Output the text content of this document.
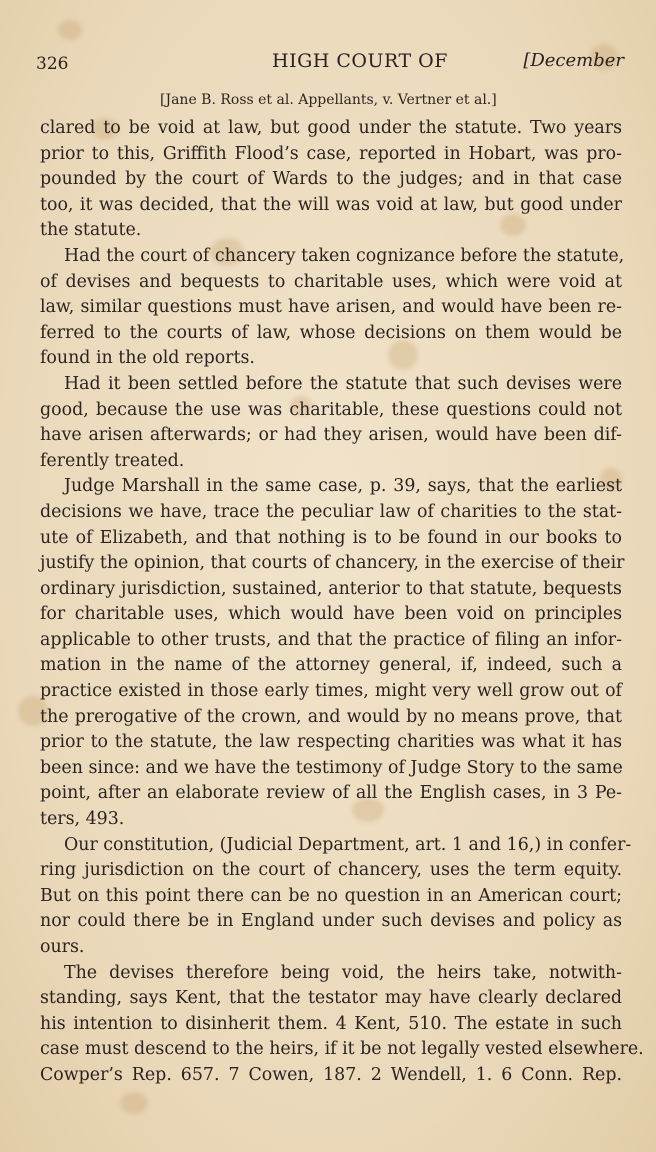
326	HIGH COURT OF	[December
[Jane B. Ross et al. Appellants, v. Vertner et al.]
clared to be void at law, but good under the statute. Two years
prior to this, Griffith Flood’s case, reported in Hobart, was pro-
pounded by the court of Wards to the judges; and in that case
too, it was decided, that the will was void at law, but good under
the statute.
Had the court of chancery taken cognizance before the statute,
of devises and bequests to charitable uses, which were void at
law, similar questions must have arisen, and would have been re-
ferred to the courts of law, whose decisions on them would be
found in the old reports.
Had it been settled before the statute that such devises were
good, because the use was charitable, these questions could not
have arisen afterwards; or had they arisen, would have been dif-
ferently treated.
Judge Marshall in the same case, p. 39, says, that the earliest
decisions we have, trace the peculiar law of charities to the stat-
ute of Elizabeth, and that nothing is to be found in our books to
justify the opinion, that courts of chancery, in the exercise of their
ordinary jurisdiction, sustained, anterior to that statute, bequests
for charitable uses, which would have been void on principles
applicable to other trusts, and that the practice of filing an infor-
mation in the name of the attorney general, if, indeed, such a
practice existed in those early times, might very well grow out of
the prerogative of the crown, and would by no means prove, that
prior to the statute, the law respecting charities was what it has
been since: and we have the testimony of Judge Story to the same
point, after an elaborate review of all the English cases, in 3 Pe-
ters, 493.
Our constitution, (Judicial Department, art. 1 and 16,) in confer-
ring jurisdiction on the court of chancery, uses the term equity.
But on this point there can be no question in an American court;
nor could there be in England under such devises and policy as
ours.
The devises therefore being void, the heirs take, notwith-
standing, says Kent, that the testator may have clearly declared
his intention to disinherit them. 4 Kent, 510. The estate in such
case must descend to the heirs, if it be not legally vested elsewhere.
Cowper’s Rep. 657. 7 Cowen, 187. 2 Wendell, 1. 6 Conn. Rep.
